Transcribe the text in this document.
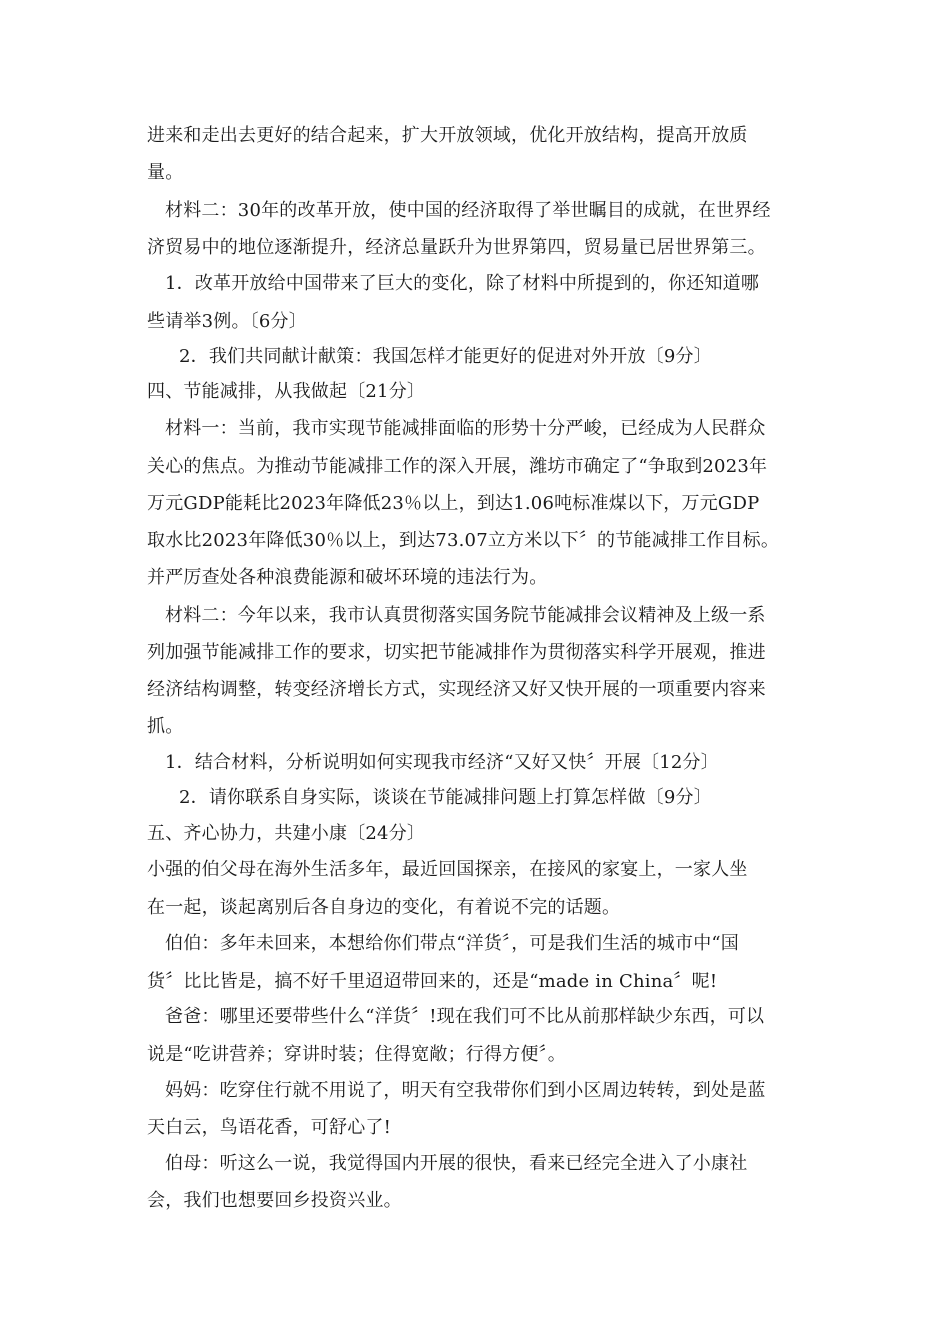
进来和走出去更好的结合起来，扩大开放领域，优化开放结构，提高开放质
量。
材料二：30年的改革开放，使中国的经济取得了举世瞩目的成就，在世界经
济贸易中的地位逐渐提升，经济总量跃升为世界第四，贸易量已居世界第三。
1．改革开放给中国带来了巨大的变化，除了材料中所提到的，你还知道哪
些请举3例。〔6分〕
2．我们共同献计献策：我国怎样才能更好的促进对外开放〔9分〕
四、节能减排，从我做起〔21分〕
材料一：当前，我市实现节能减排面临的形势十分严峻，已经成为人民群众
关心的焦点。为推动节能减排工作的深入开展，潍坊市确定了“争取到2023年
万元GDP能耗比2023年降低23％以上，到达1.06吨标准煤以下，万元GDP
取水比2023年降低30％以上，到达73.07立方米以下〞的节能减排工作目标。
并严厉查处各种浪费能源和破坏环境的违法行为。
材料二：今年以来，我市认真贯彻落实国务院节能减排会议精神及上级一系
列加强节能减排工作的要求，切实把节能减排作为贯彻落实科学开展观，推进
经济结构调整，转变经济增长方式，实现经济又好又快开展的一项重要内容来
抓。
1．结合材料，分析说明如何实现我市经济“又好又快〞开展〔12分〕
2．请你联系自身实际，谈谈在节能减排问题上打算怎样做〔9分〕
五、齐心协力，共建小康〔24分〕
小强的伯父母在海外生活多年，最近回国探亲，在接风的家宴上，一家人坐
在一起，谈起离别后各自身边的变化，有着说不完的话题。
伯伯：多年未回来，本想给你们带点“洋货〞，可是我们生活的城市中“国
货〞比比皆是，搞不好千里迢迢带回来的，还是“made in China〞呢!
爸爸：哪里还要带些什么“洋货〞!现在我们可不比从前那样缺少东西，可以
说是“吃讲营养；穿讲时装；住得宽敞；行得方便〞。
妈妈：吃穿住行就不用说了，明天有空我带你们到小区周边转转，到处是蓝
天白云，鸟语花香，可舒心了!
伯母：听这么一说，我觉得国内开展的很快，看来已经完全进入了小康社
会，我们也想要回乡投资兴业。
